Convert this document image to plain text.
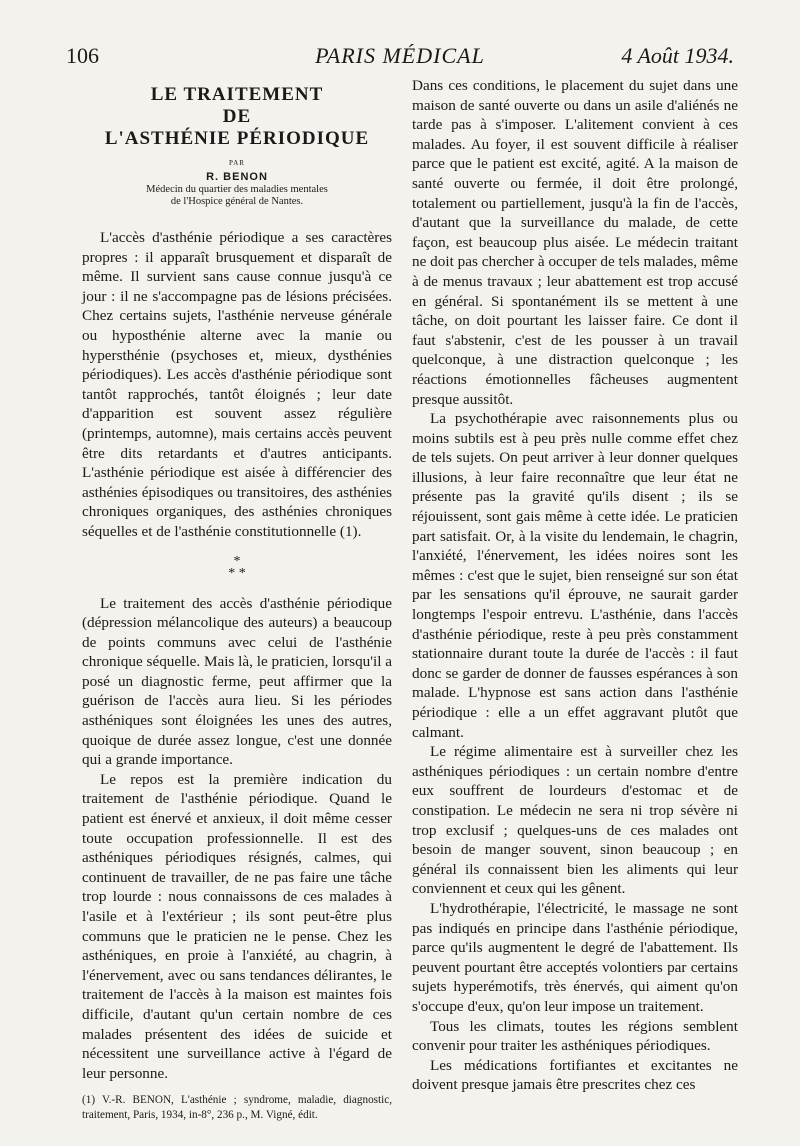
106	PARIS MÉDICAL	4 Août 1934.
LE TRAITEMENT
DE
L'ASTHÉNIE PÉRIODIQUE
PAR
R. BENON
Médecin du quartier des maladies mentales
de l'Hospice général de Nantes.

L'accès d'asthénie périodique a ses caractères propres : il apparaît brusquement et disparaît de même. Il survient sans cause connue jusqu'à ce jour : il ne s'accompagne pas de lésions précisées. Chez certains sujets, l'asthénie nerveuse générale ou hyposthénie alterne avec la manie ou hypersthénie (psychoses et, mieux, dysthénies périodiques). Les accès d'asthénie périodique sont tantôt rapprochés, tantôt éloignés ; leur date d'apparition est souvent assez régulière (printemps, automne), mais certains accès peuvent être dits retardants et d'autres anticipants. L'asthénie périodique est aisée à différencier des asthénies épisodiques ou transitoires, des asthénies chroniques organiques, des asthénies chroniques séquelles et de l'asthénie constitutionnelle (1).

*
* *

Le traitement des accès d'asthénie périodique (dépression mélancolique des auteurs) a beaucoup de points communs avec celui de l'asthénie chronique séquelle. Mais là, le praticien, lorsqu'il a posé un diagnostic ferme, peut affirmer que la guérison de l'accès aura lieu. Si les périodes asthéniques sont éloignées les unes des autres, quoique de durée assez longue, c'est une donnée qui a grande importance.

Le repos est la première indication du traitement de l'asthénie périodique. Quand le patient est énervé et anxieux, il doit même cesser toute occupation professionnelle. Il est des asthéniques périodiques résignés, calmes, qui continuent de travailler, de ne pas faire une tâche trop lourde : nous connaissons de ces malades à l'asile et à l'extérieur ; ils sont peut-être plus communs que le praticien ne le pense. Chez les asthéniques, en proie à l'anxiété, au chagrin, à l'énervement, avec ou sans tendances délirantes, le traitement de l'accès à la maison est maintes fois difficile, d'autant qu'un certain nombre de ces malades présentent des idées de suicide et nécessitent une surveillance active à l'égard de leur personne.

(1) V.-R. BENON, L'asthénie ; syndrome, maladie, diagnostic, traitement, Paris, 1934, in-8°, 236 p., M. Vigné, édit.

Dans ces conditions, le placement du sujet dans une maison de santé ouverte ou dans un asile d'aliénés ne tarde pas à s'imposer. L'alitement convient à ces malades. Au foyer, il est souvent difficile à réaliser parce que le patient est excité, agité. A la maison de santé ouverte ou fermée, il doit être prolongé, totalement ou partiellement, jusqu'à la fin de l'accès, d'autant que la surveillance du malade, de cette façon, est beaucoup plus aisée. Le médecin traitant ne doit pas chercher à occuper de tels malades, même à de menus travaux ; leur abattement est trop accusé en général. Si spontanément ils se mettent à une tâche, on doit pourtant les laisser faire. Ce dont il faut s'abstenir, c'est de les pousser à un travail quelconque, à une distraction quelconque ; les réactions émotionnelles fâcheuses augmentent presque aussitôt.

La psychothérapie avec raisonnements plus ou moins subtils est à peu près nulle comme effet chez de tels sujets. On peut arriver à leur donner quelques illusions, à leur faire reconnaître que leur état ne présente pas la gravité qu'ils disent ; ils se réjouissent, sont gais même à cette idée. Le praticien part satisfait. Or, à la visite du lendemain, le chagrin, l'anxiété, l'énervement, les idées noires sont les mêmes : c'est que le sujet, bien renseigné sur son état par les sensations qu'il éprouve, ne saurait garder longtemps l'espoir entrevu. L'asthénie, dans l'accès d'asthénie périodique, reste à peu près constamment stationnaire durant toute la durée de l'accès : il faut donc se garder de donner de fausses espérances à son malade. L'hypnose est sans action dans l'asthénie périodique : elle a un effet aggravant plutôt que calmant.

Le régime alimentaire est à surveiller chez les asthéniques périodiques : un certain nombre d'entre eux souffrent de lourdeurs d'estomac et de constipation. Le médecin ne sera ni trop sévère ni trop exclusif ; quelques-uns de ces malades ont besoin de manger souvent, sinon beaucoup ; en général ils connaissent bien les aliments qui leur conviennent et ceux qui les gênent.

L'hydrothérapie, l'électricité, le massage ne sont pas indiqués en principe dans l'asthénie périodique, parce qu'ils augmentent le degré de l'abattement. Ils peuvent pourtant être acceptés volontiers par certains sujets hyperémotifs, très énervés, qui aiment qu'on s'occupe d'eux, qu'on leur impose un traitement.

Tous les climats, toutes les régions semblent convenir pour traiter les asthéniques périodiques.

Les médications fortifiantes et excitantes ne doivent presque jamais être prescrites chez ces
